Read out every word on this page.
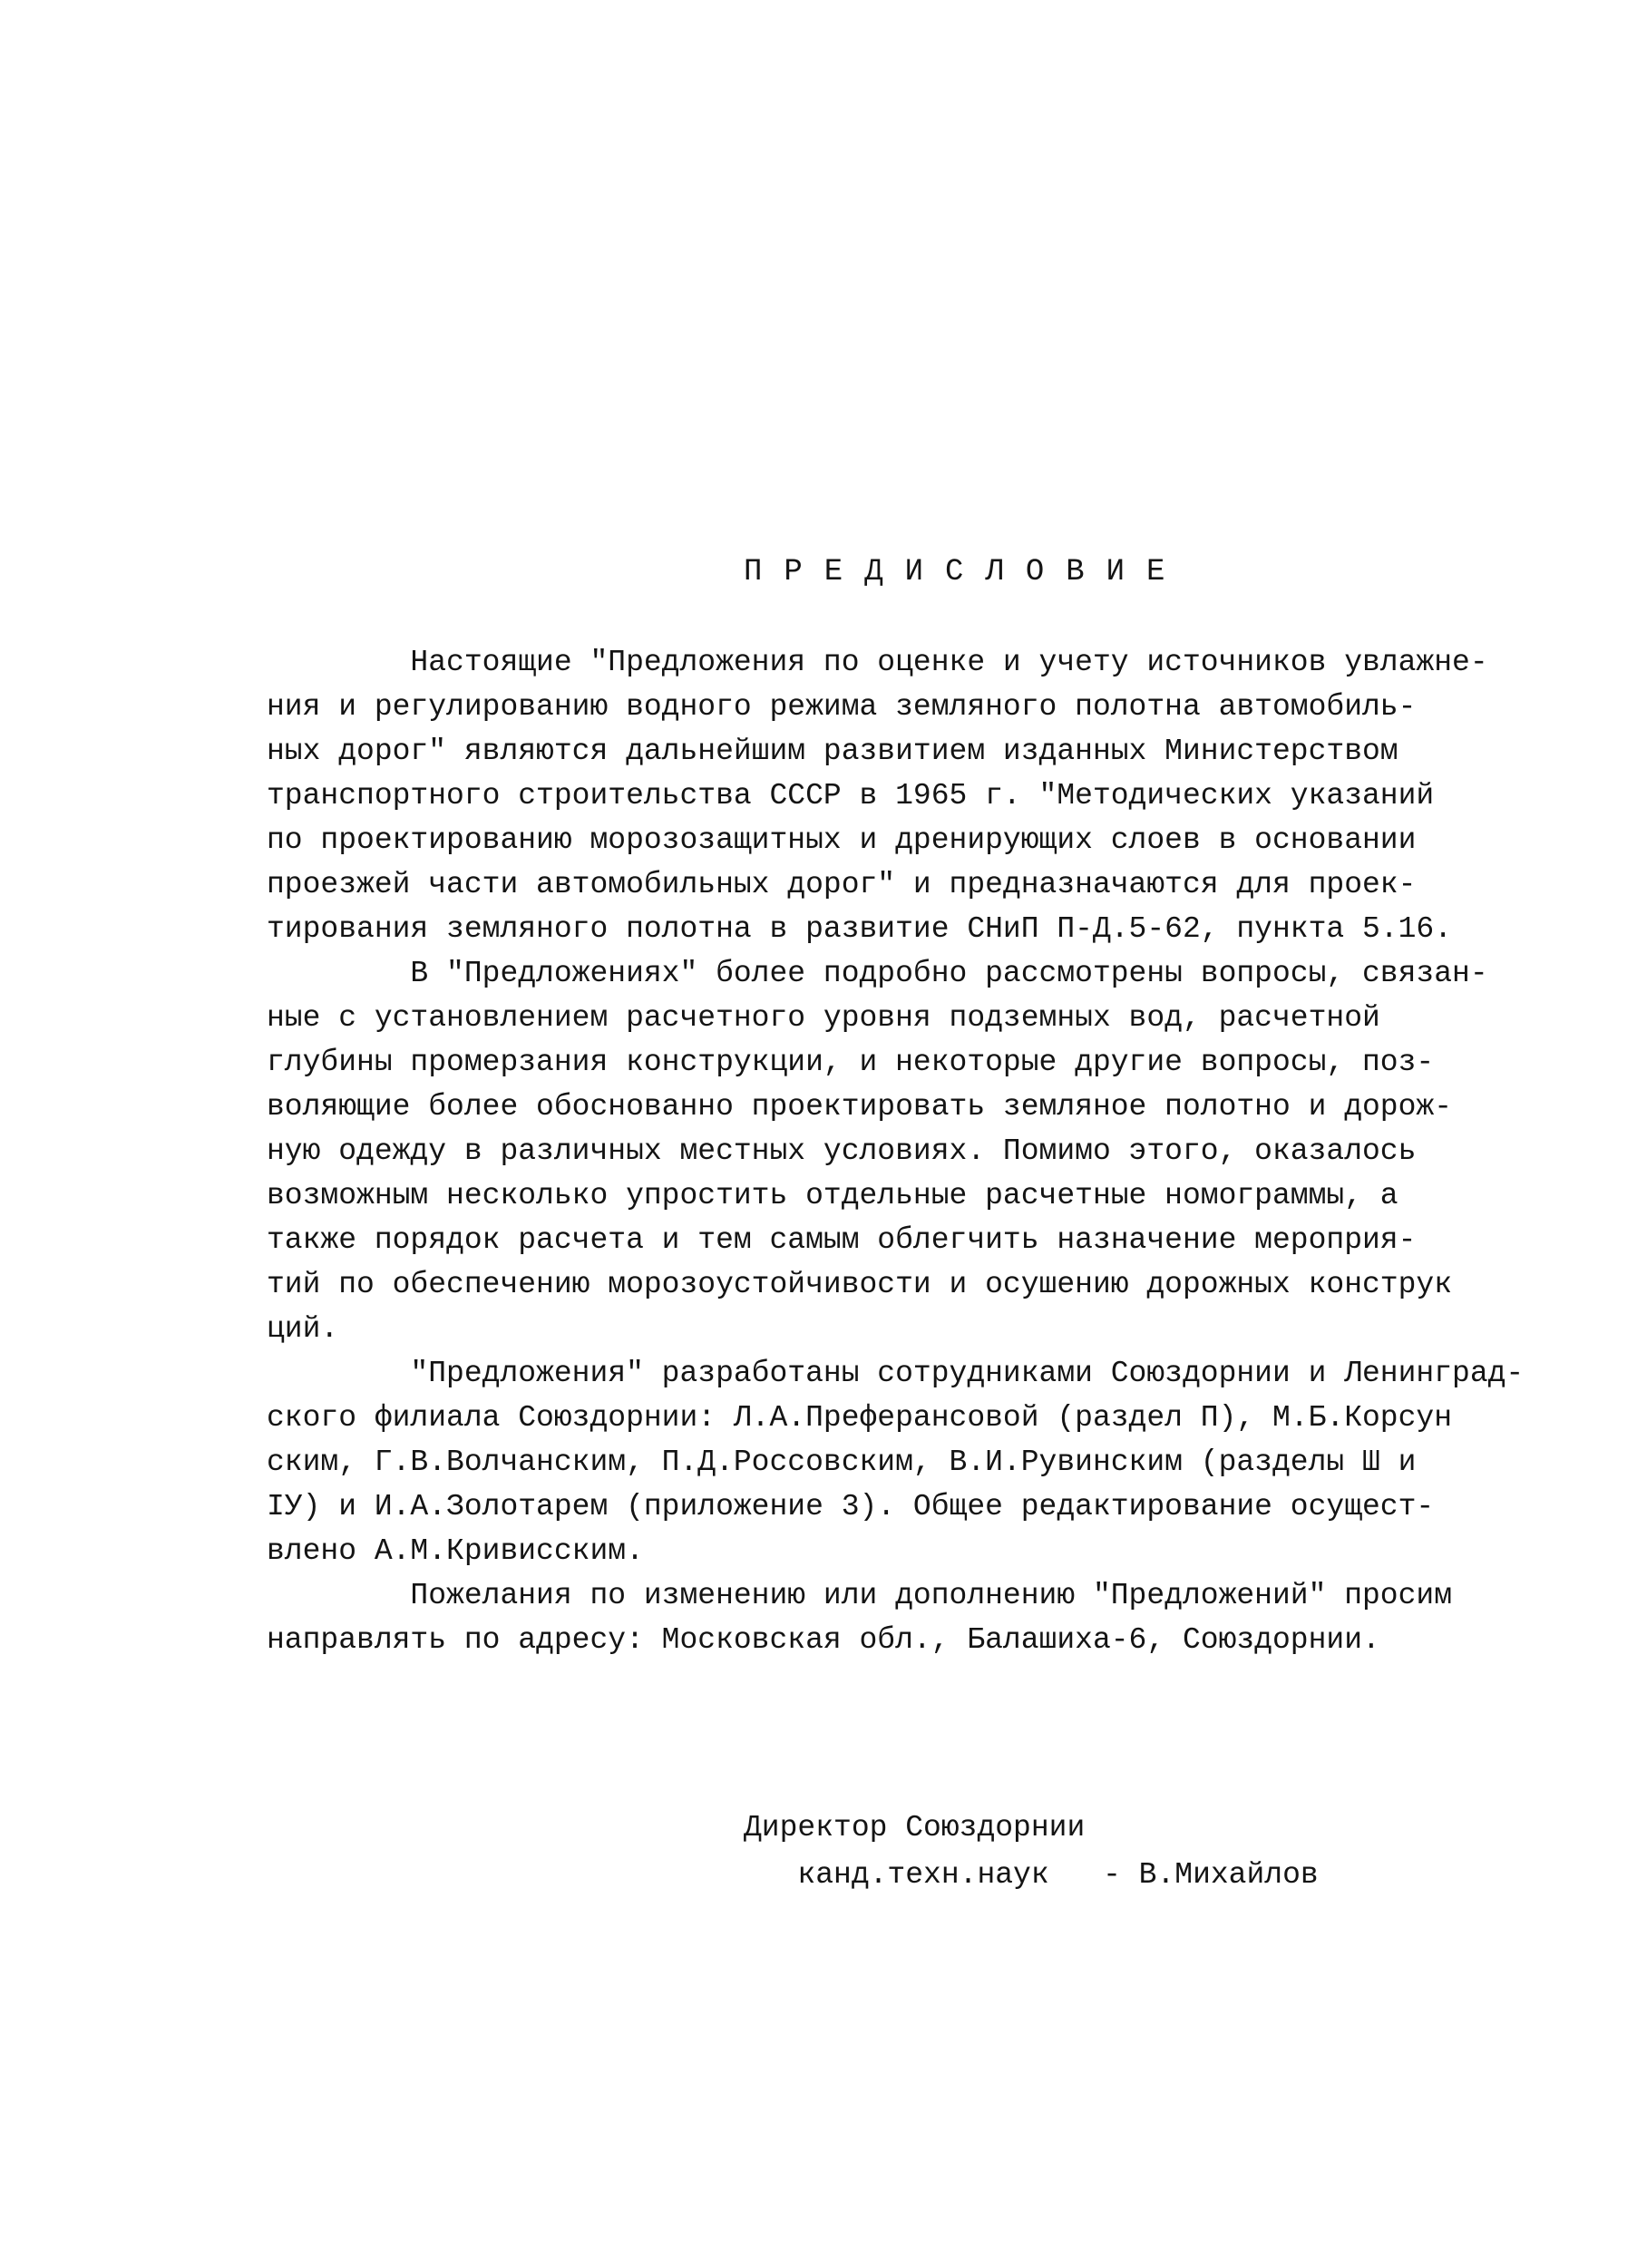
ПРЕДИСЛОВИЕ
Настоящие "Предложения по оценке и учету источников увлажне-
ния и регулированию водного режима земляного полотна автомобиль-
ных дорог" являются дальнейшим развитием изданных Министерством
транспортного строительства СССР в 1965 г. "Методических указаний
по проектированию морозозащитных и дренирующих слоев в основании
проезжей части автомобильных дорог" и предназначаются для проек-
тирования земляного полотна в развитие СНиП П-Д.5-62, пункта 5.16.
В "Предложениях" более подробно рассмотрены вопросы, связан-
ные с установлением расчетного уровня подземных вод, расчетной
глубины промерзания конструкции, и некоторые другие вопросы, поз-
воляющие более обоснованно проектировать земляное полотно и дорож-
ную одежду в различных местных условиях. Помимо этого, оказалось
возможным несколько упростить отдельные расчетные номограммы, а
также порядок расчета и тем самым облегчить назначение мероприя-
тий по обеспечению морозоустойчивости и осушению дорожных конструк
ций.
"Предложения" разработаны сотрудниками Союздорнии и Ленинград-
ского филиала Союздорнии: Л.А.Преферансовой (раздел П), М.Б.Корсун
ским, Г.В.Волчанским, П.Д.Россовским, В.И.Рувинским (разделы Ш и
IУ) и И.А.Золотарем (приложение 3). Общее редактирование осущест-
влено А.М.Кривисским.
Пожелания по изменению или дополнению "Предложений" просим
направлять по адресу: Московская обл., Балашиха-6, Союздорнии.
Директор Союздорнии
канд.техн.наук   - В.Михайлов
